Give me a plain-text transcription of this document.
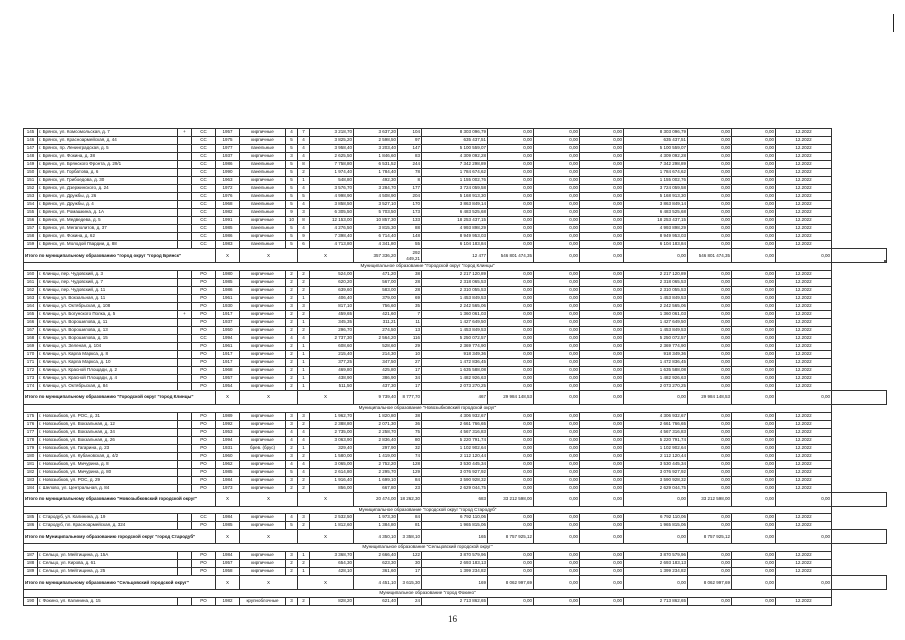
145	г. Брянск, ул. Комсомольская, д. 7	+	CC	1957	кирпичные	4	7	3 218,70	3 637,20	104	8 303 096,79	0,00	0,00	0,00	8 303 096,79	0,00	0,00	12.2022	
146	г. Брянск, ул. Красноармейская, д. 44		CC	1975	кирпичные	5	4	3 825,20	2 598,50	97	635 437,51	0,00	0,00	0,00	635 437,51	0,00	0,00	12.2022	
147	г. Брянск, пр. Ленинградская, д. 5		CC	1977	панельные	5	4	3 958,40	3 203,40	147	5 100 559,07	0,00	0,00	0,00	5 100 559,07	0,00	0,00	12.2022	
148	г. Брянск, ул. Фокина, д. 38		CC	1937	кирпичные	3	4	2 625,50	1 846,60	83	4 309 092,28	0,00	0,00	0,00	4 309 092,28	0,00	0,00	12.2022	
149	г. Брянск, ул. Брянского Фронта, д. 29/1		CC	1986	панельные	5	8	7 758,80	6 531,52	244	7 342 298,89	0,00	0,00	0,00	7 342 298,89	0,00	0,00	12.2022	
150	г. Брянск, ул. Горбатова, д. 6		CC	1990	панельные	5	2	1 974,40	1 784,40	78	1 784 674,62	0,00	0,00	0,00	1 784 674,62	0,00	0,00	12.2022	
151	г. Брянск, ул. Грибоедова, д. 30		CC	1963	кирпичные	5	1	548,80	492,30	8	1 155 002,76	0,00	0,00	0,00	1 155 002,76	0,00	0,00	12.2022	
152	г. Брянск, ул. Дзержинского, д. 24		CC	1972	панельные	5	4	3 576,70	3 284,70	177	3 724 059,58	0,00	0,00	0,00	3 724 059,58	0,00	0,00	12.2022	
153	г. Брянск, ул. Дружбы, д. 26		CC	1976	панельные	5	5	4 998,90	4 508,90	204	5 168 913,30	0,00	0,00	0,00	5 168 913,30	0,00	0,00	12.2022	
154	г. Брянск, ул. Дружбы, д. 4		CC	1968	панельные	5	4	3 858,50	3 527,10	170	3 863 849,14	0,00	0,00	0,00	3 863 849,14	0,00	0,00	12.2022	
155	г. Брянск, ул. Ромашкина, д. 1А		CC	1982	панельные	9	3	6 305,50	5 703,50	173	6 483 525,68	0,00	0,00	0,00	6 483 525,68	0,00	0,00	12.2022	
156	г. Брянск, ул. Медведева, д. 5		CC	1991	кирпичные	10	8	12 153,00	10 857,30	133	18 253 437,15	0,00	0,00	0,00	18 253 437,15	0,00	0,00	12.2022	
157	г. Брянск, ул. Мегаполитов, д. 37		CC	1985	панельные	5	4	4 276,50	3 815,30	88	4 993 898,29	0,00	0,00	0,00	4 993 898,29	0,00	0,00	12.2022	
158	г. Брянск, ул. Фокина, д. 62		CC	1986	кирпичные	5	9	7 398,40	6 714,40	148	8 949 953,03	0,00	0,00	0,00	8 949 953,03	0,00	0,00	12.2022	
159	г. Брянск, ул. Молодой Гвардии, д. 88		CC	1983	панельные	5	6	4 713,80	4 341,80	55	6 104 183,84	0,00	0,00	0,00	6 104 183,84	0,00	0,00	12.2022	
Итого по муниципальному образованию "город округ "город Брянск"				X	X		X		357 336,20	292 449,21	12 477	546 801 474,35	0,00	0,00	0,00	546 801 474,35	0,00	0,00	
Муниципальное образование "Городской округ "город Клинцы"																			
160	г. Клинцы, пер. Чудовский, д. 3		PO	1980	кирпичные	2	2	524,00	471,20	38	2 217 120,89	0,00	0,00	0,00	2 217 120,89	0,00	0,00	12.2022	
161	г. Клинцы, пер. Чудовский, д. 7		PO	1985	кирпичные	2	2	620,20	567,00	28	2 318 065,53	0,00	0,00	0,00	2 318 065,53	0,00	0,00	12.2022	
162	г. Клинцы, пер. Чудовский, д. 11		PO	1986	кирпичные	2	2	639,60	583,00	28	2 310 055,53	0,00	0,00	0,00	2 310 055,53	0,00	0,00	12.2022	
163	г. Клинцы, ул. Вокзальная, д. 11		PO	1961	кирпичные	2	1	406,40	379,00	69	1 453 849,53	0,00	0,00	0,00	1 453 849,53	0,00	0,00	12.2022	
164	г. Клинцы, ул. Октябрьская, д. 108		PO	1930	кирпичные	3	3	817,10	756,60	35	2 242 565,06	0,00	0,00	0,00	2 242 565,06	0,00	0,00	12.2022	
165	г. Клинцы, ул. Богунского Полка, д. 5	+	PO	1917	кирпичные	2	2	459,65	421,60	7	1 360 061,03	0,00	0,00	0,00	1 360 061,03	0,00	0,00	12.2022	
166	г. Клинцы, ул. Ворошилова, д. 11		PO	1937	кирпичные	2	1	345,35	311,21	11	1 427 649,50	0,00	0,00	0,00	1 427 649,50	0,00	0,00	12.2022	
167	г. Клинцы, ул. Ворошилова, д. 13		PO	1950	кирпичные	2	2	296,70	274,50	13	1 453 849,53	0,00	0,00	0,00	1 453 849,53	0,00	0,00	12.2022	
168	г. Клинцы, ул. Ворошилова, д. 15		CC	1994	кирпичные	4	4	2 737,30	2 564,20	116	5 250 072,57	0,00	0,00	0,00	5 250 072,57	0,00	0,00	12.2022	
169	г. Клинцы, ул. Зеленая, д. 104		PO	1961	кирпичные	2	1	608,60	528,60	29	2 369 774,90	0,00	0,00	0,00	2 369 774,90	0,00	0,00	12.2022	
170	г. Клинцы, ул. Карла Маркса, д. 8		PO	1917	кирпичные	2	1	215,40	214,30	10	918 349,36	0,00	0,00	0,00	918 349,36	0,00	0,00	12.2022	
171	г. Клинцы, ул. Карла Маркса, д. 10		PO	1917	кирпичные	2	1	377,25	347,50	27	1 472 836,45	0,00	0,00	0,00	1 472 836,45	0,00	0,00	12.2022	
172	г. Клинцы, ул. Красной Площади, д. 2		PO	1968	кирпичные	2	1	469,80	425,80	17	1 635 588,08	0,00	0,00	0,00	1 635 588,08	0,00	0,00	12.2022	
173	г. Клинцы, ул. Красной Площади, д. 4		PO	1957	кирпичные	2	1	438,90	386,90	34	1 482 926,63	0,00	0,00	0,00	1 482 926,63	0,00	0,00	12.2022	
174	г. Клинцы, ул. Октябрьская, д. 84		PO	1954	кирпичные	2	1	511,50	437,30	17	2 073 270,25	0,00	0,00	0,00	2 073 270,25	0,00	0,00	12.2022	
Итого по муниципальному образованию "Городской округ "город Клинцы"				X	X		X		9 739,40	8 777,70	467	29 984 148,53	0,00	0,00	0,00	29 984 148,53	0,00	0,00	
Муниципальное образование "Новозыбковский городской округ"																			
175	г. Новозыбков, ул. РОС, д. 31		PO	1989	кирпичные	3	3	1 962,70	1 820,80	38	4 306 932,67	0,00	0,00	0,00	4 306 932,67	0,00	0,00	12.2022	
176	г. Новозыбков, ул. Вокзальная, д. 12		PO	1992	кирпичные	3	2	2 388,80	2 071,30	36	2 661 766,65	0,00	0,00	0,00	2 661 766,65	0,00	0,00	12.2022	
177	г. Новозыбков, ул. Вокзальная, д. 34		PO	1953	кирпичные	4	4	2 735,00	2 258,70	75	4 567 316,83	0,00	0,00	0,00	4 567 316,83	0,00	0,00	12.2022	
178	г. Новозыбков, ул. Вокзальная, д. 26		PO	1994	кирпичные	4	4	3 063,90	2 836,40	80	5 220 791,74	0,00	0,00	0,00	5 220 791,74	0,00	0,00	12.2022	
179	г. Новозыбков, ул. Гагарина, д. 23		PO	1931	брев. (брус)	2	1	329,40	297,90	32	1 102 902,64	0,00	0,00	0,00	1 102 902,64	0,00	0,00	12.2022	
180	г. Новозыбков, ул. Кубановская, д. 4/2		PO	1960	кирпичные	3	2	1 580,00	1 419,00	74	2 112 120,44	0,00	0,00	0,00	2 112 120,44	0,00	0,00	12.2022	
181	г. Новозыбков, ул. Мичурина, д. 8		PO	1962	кирпичные	4	4	3 065,00	2 752,20	128	3 530 445,34	0,00	0,00	0,00	3 530 445,34	0,00	0,00	12.2022	
182	г. Новозыбков, ул. Мичурина, д. 80		PO	1985	кирпичные	5	4	2 614,80	2 295,70	129	3 076 927,92	0,00	0,00	0,00	3 076 927,92	0,00	0,00	12.2022	
183	г. Новозыбков, ул. РОС, д. 29		PO	1984	кирпичные	3	2	1 916,40	1 699,10	84	3 590 928,32	0,00	0,00	0,00	3 590 928,32	0,00	0,00	12.2022	
184	г. Шелово, ул. Центральная, д. 84		PO	1973	кирпичные	2	2	856,00	667,80	23	2 629 044,75	0,00	0,00	0,00	2 629 044,75	0,00	0,00	12.2022	
Итого по муниципальному образованию "Новозыбковский городской округ"				X	X		X		20 474,00	18 262,30	683	33 212 598,00	0,00	0,00	0,00	33 212 598,00	0,00	0,00	
Муниципальное образование "городской округ "город Стародуб"																			
185	г. Стародуб, ул. Калинина, д. 19		CC	1984	кирпичные	4	3	2 532,50	1 973,30	84	6 792 110,06	0,00	0,00	0,00	6 792 110,06	0,00	0,00	12.2022	
186	г. Стародуб, пл. Красноармейская, д. 324		PO	1985	кирпичные	5	2	1 812,60	1 384,80	81	1 965 815,06	0,00	0,00	0,00	1 965 815,06	0,00	0,00	12.2022	
Итого по Муниципальному образованию городской округ "город Стародуб"				X	X		X		4 350,10	3 358,10	165	8 757 925,12	0,00	0,00	0,00	8 757 925,12	0,00	0,00	
Муниципальное образование "Сельцовский городской округ"																			
187	г. Сельцо, ул. Мейтищина, д. 15А		PO	1984	кирпичные	3	1	3 368,70	2 666,40	122	3 870 579,96	0,00	0,00	0,00	3 870 579,96	0,00	0,00	12.2022	
188	г. Сельцо, ул. Кирова, д. 61		PO	1957	кирпичные	2	2	654,30	623,30	30	2 693 183,13	0,00	0,00	0,00	2 693 183,13	0,00	0,00	12.2022	
189	г. Сельцо, ул. Мейтищина, д. 25		PO	1958	кирпичные	2	1	428,10	361,60	17	1 399 234,82	0,00	0,00	0,00	1 399 234,82	0,00	0,00	12.2022	
Итого по муниципальному образованию "Сельцовский городской округ"				X	X		X		4 451,10	3 615,30	169	8 062 997,69	0,00	0,00	0,00	8 062 997,69	0,00	0,00	
Муниципальное образование "город Фокино"																			
190	г. Фокино, ул. Калинина, д. 15		PO	1982	крупноблочные	3	2	828,20	621,40	24	2 713 862,65	0,00	0,00	0,00	2 713 862,65	0,00	0,00	12.2022	
16
